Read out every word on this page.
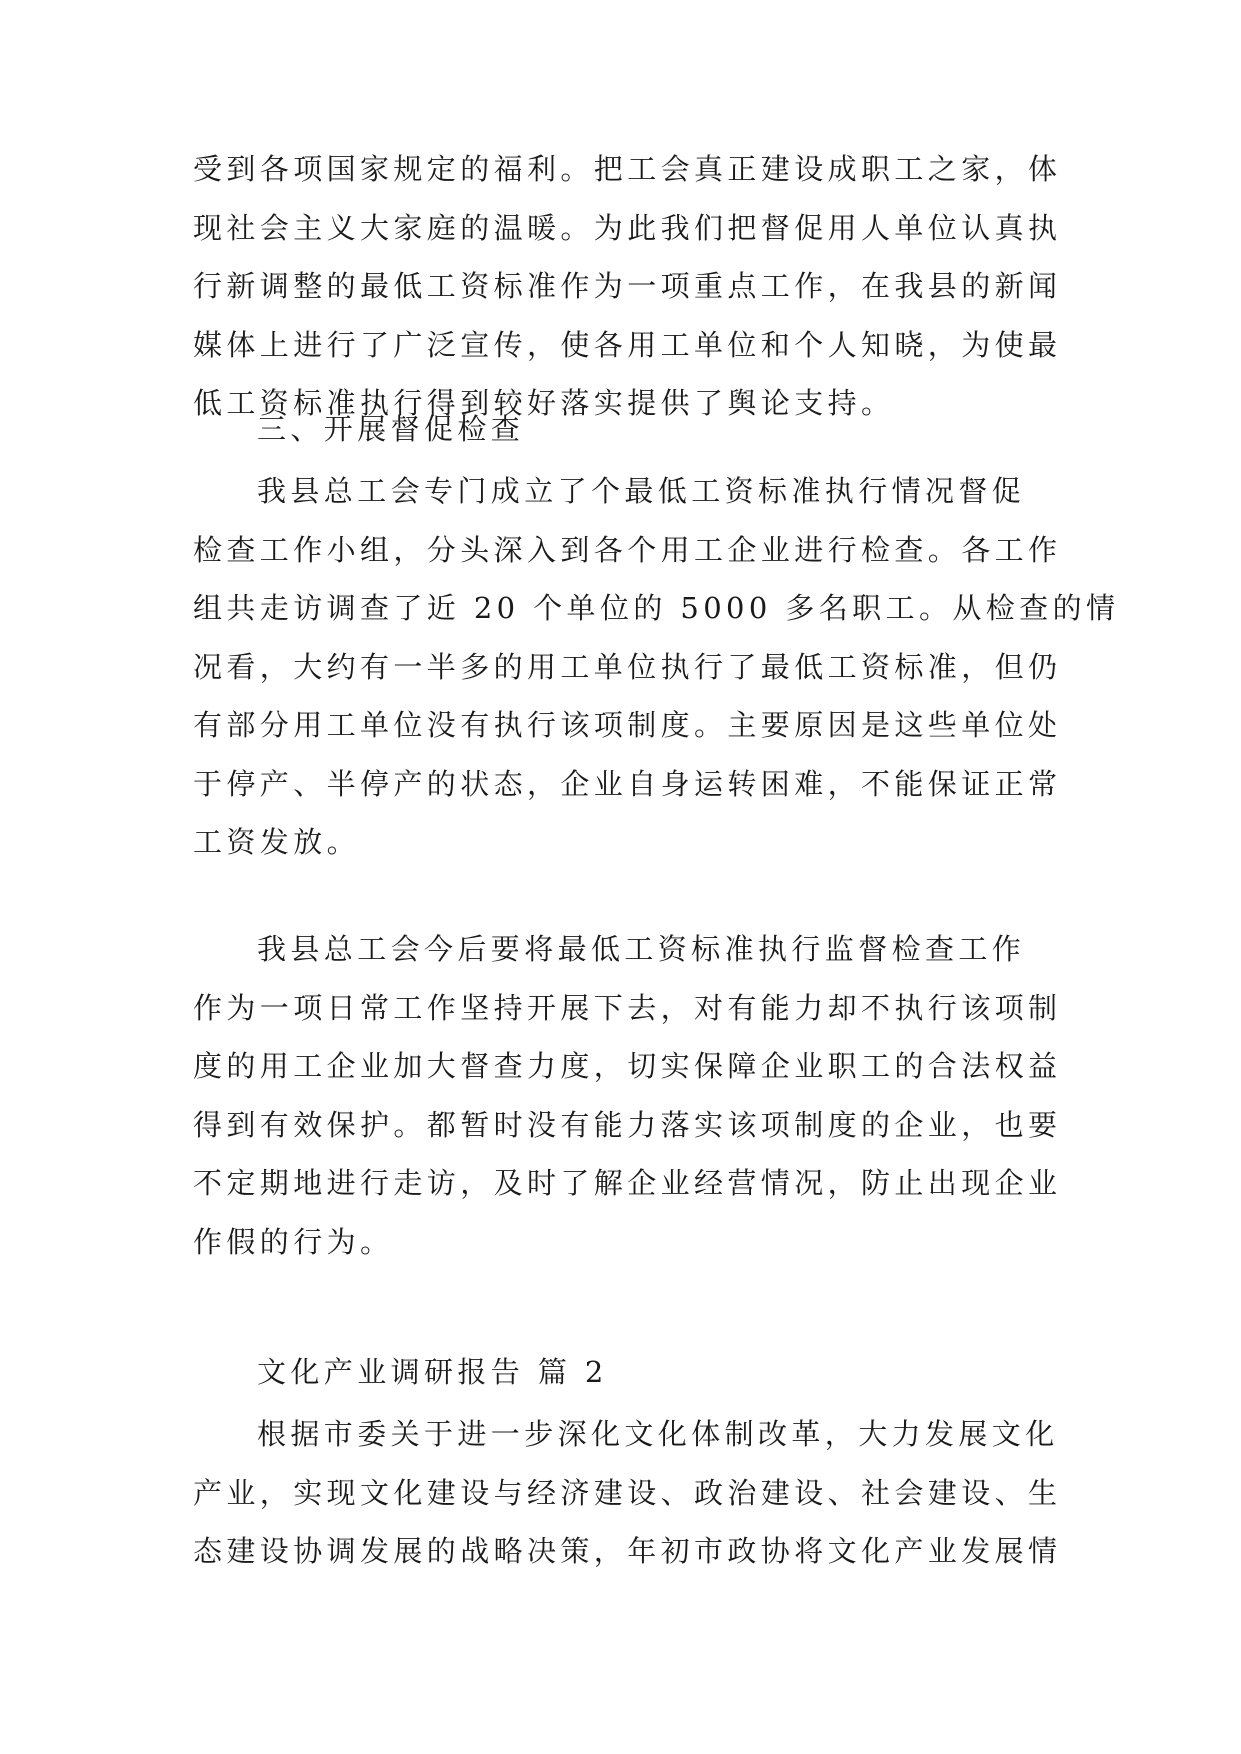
受到各项国家规定的福利。把工会真正建设成职工之家，体
现社会主义大家庭的温暖。为此我们把督促用人单位认真执
行新调整的最低工资标准作为一项重点工作，在我县的新闻
媒体上进行了广泛宣传，使各用工单位和个人知晓，为使最
低工资标准执行得到较好落实提供了舆论支持。
三、开展督促检查
我县总工会专门成立了个最低工资标准执行情况督促
检查工作小组，分头深入到各个用工企业进行检查。各工作
组共走访调查了近 20 个单位的 5000 多名职工。从检查的情
况看，大约有一半多的用工单位执行了最低工资标准，但仍
有部分用工单位没有执行该项制度。主要原因是这些单位处
于停产、半停产的状态，企业自身运转困难，不能保证正常
工资发放。
我县总工会今后要将最低工资标准执行监督检查工作
作为一项日常工作坚持开展下去，对有能力却不执行该项制
度的用工企业加大督查力度，切实保障企业职工的合法权益
得到有效保护。都暂时没有能力落实该项制度的企业，也要
不定期地进行走访，及时了解企业经营情况，防止出现企业
作假的行为。
文化产业调研报告 篇 2
根据市委关于进一步深化文化体制改革，大力发展文化
产业，实现文化建设与经济建设、政治建设、社会建设、生
态建设协调发展的战略决策，年初市政协将文化产业发展情
